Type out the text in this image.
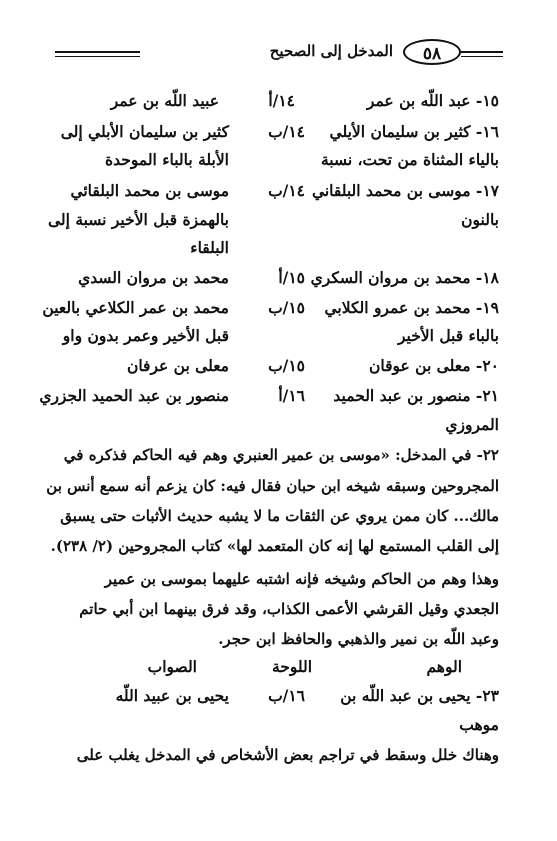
المدخل إلى الصحيح	٥٨
١٥- عبد اللّه بن عمر
١٤/أ
عبيد اللّه بن عمر
١٦- كثير بن سليمان الأيلي
١٤/ب
كثير بن سليمان الأبلي إلى
بالياء المثناة من تحت، نسبة
الأبلة بالباء الموحدة
١٧- موسى بن محمد البلقاني
١٤/ب
موسى بن محمد البلقائي
بالنون
بالهمزة قبل الأخير نسبة إلى
البلقاء
١٨- محمد بن مروان السكري
١٥/أ
محمد بن مروان السدي
١٩- محمد بن عمرو الكلابي
١٥/ب
محمد بن عمر الكلاعي بالعين
بالباء قبل الأخير
قبل الأخير وعمر بدون واو
٢٠- معلى بن عوقان
١٥/ب
معلى بن عرفان
٢١- منصور بن عبد الحميد
١٦/أ
منصور بن عبد الحميد الجزري
المروزي
٢٢- في المدخل: «موسى بن عمير العنبري وهم فيه الحاكم فذكره في
المجروحين وسبقه شيخه ابن حبان فقال فيه: كان يزعم أنه سمع أنس بن
مالك... كان ممن يروي عن الثقات ما لا يشبه حديث الأثبات حتى يسبق
إلى القلب المستمع لها إنه كان المتعمد لها» كتاب المجروحين (٢/ ٢٣٨).
وهذا وهم من الحاكم وشيخه فإنه اشتبه عليهما بموسى بن عمير
الجعدي وقيل القرشي الأعمى الكذاب، وقد فرق بينهما ابن أبي حاتم
وعبد اللّه بن نمير والذهبي والحافظ ابن حجر.
الوهم
اللوحة
الصواب
٢٣- يحيى بن عبد اللّه بن
١٦/ب
يحيى بن عبيد اللّه
موهب
وهناك خلل وسقط في تراجم بعض الأشخاص في المدخل يغلب على
